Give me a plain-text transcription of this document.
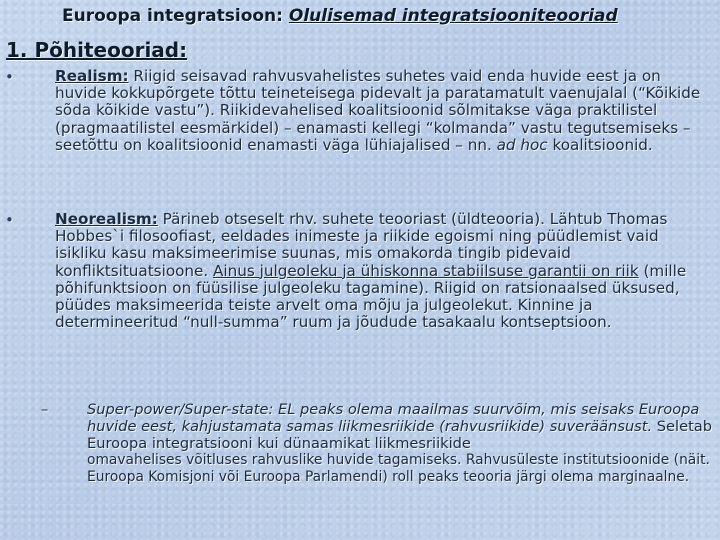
Euroopa integratsioon: Olulisemad integratsiooniteooriad
1. Põhiteooriad:
•	Realism: Riigid seisavad rahvusvahelistes suhetes vaid enda huvide eest ja on huvide kokkupõrgete tõttu teineteisega pidevalt ja paratamatult vaenujalal (“Kõikide sõda kõikide vastu”). Riikidevahelised koalitsioonid sõlmitakse väga praktilistel (pragmaatilistel eesmärkidel) – enamasti kellegi “kolmanda” vastu tegutsemiseks – seetõttu on koalitsioonid enamasti väga lühiajalised – nn. ad hoc koalitsioonid.
•	Neorealism: Pärineb otseselt rhv. suhete teooriast (üldteooria). Lähtub Thomas Hobbes`i filosoofiast, eeldades inimeste ja riikide egoismi ning püüdlemist vaid isikliku kasu maksimeerimise suunas, mis omakorda tingib pidevaid konfliktsituatsioone. Ainus julgeoleku ja ühiskonna stabiilsuse garantii on riik (mille põhifunktsioon on füüsilise julgeoleku tagamine). Riigid on ratsionaalsed üksused, püüdes maksimeerida teiste arvelt oma mõju ja julgeolekut. Kinnine ja determineeritud “null-summa” ruum ja jõudude tasakaalu kontseptsioon.
–	Super-power/Super-state: EL peaks olema maailmas suurvõim, mis seisaks Euroopa huvide eest, kahjustamata samas liikmesriikide (rahvusriikide) suveräänsust. Seletab Euroopa integratsiooni kui dünaamikat liikmesriikide
omavahelises võitluses rahvuslike huvide tagamiseks. Rahvusüleste institutsioonide (näit. Euroopa Komisjoni või Euroopa Parlamendi) roll peaks teooria järgi olema marginaalne.
